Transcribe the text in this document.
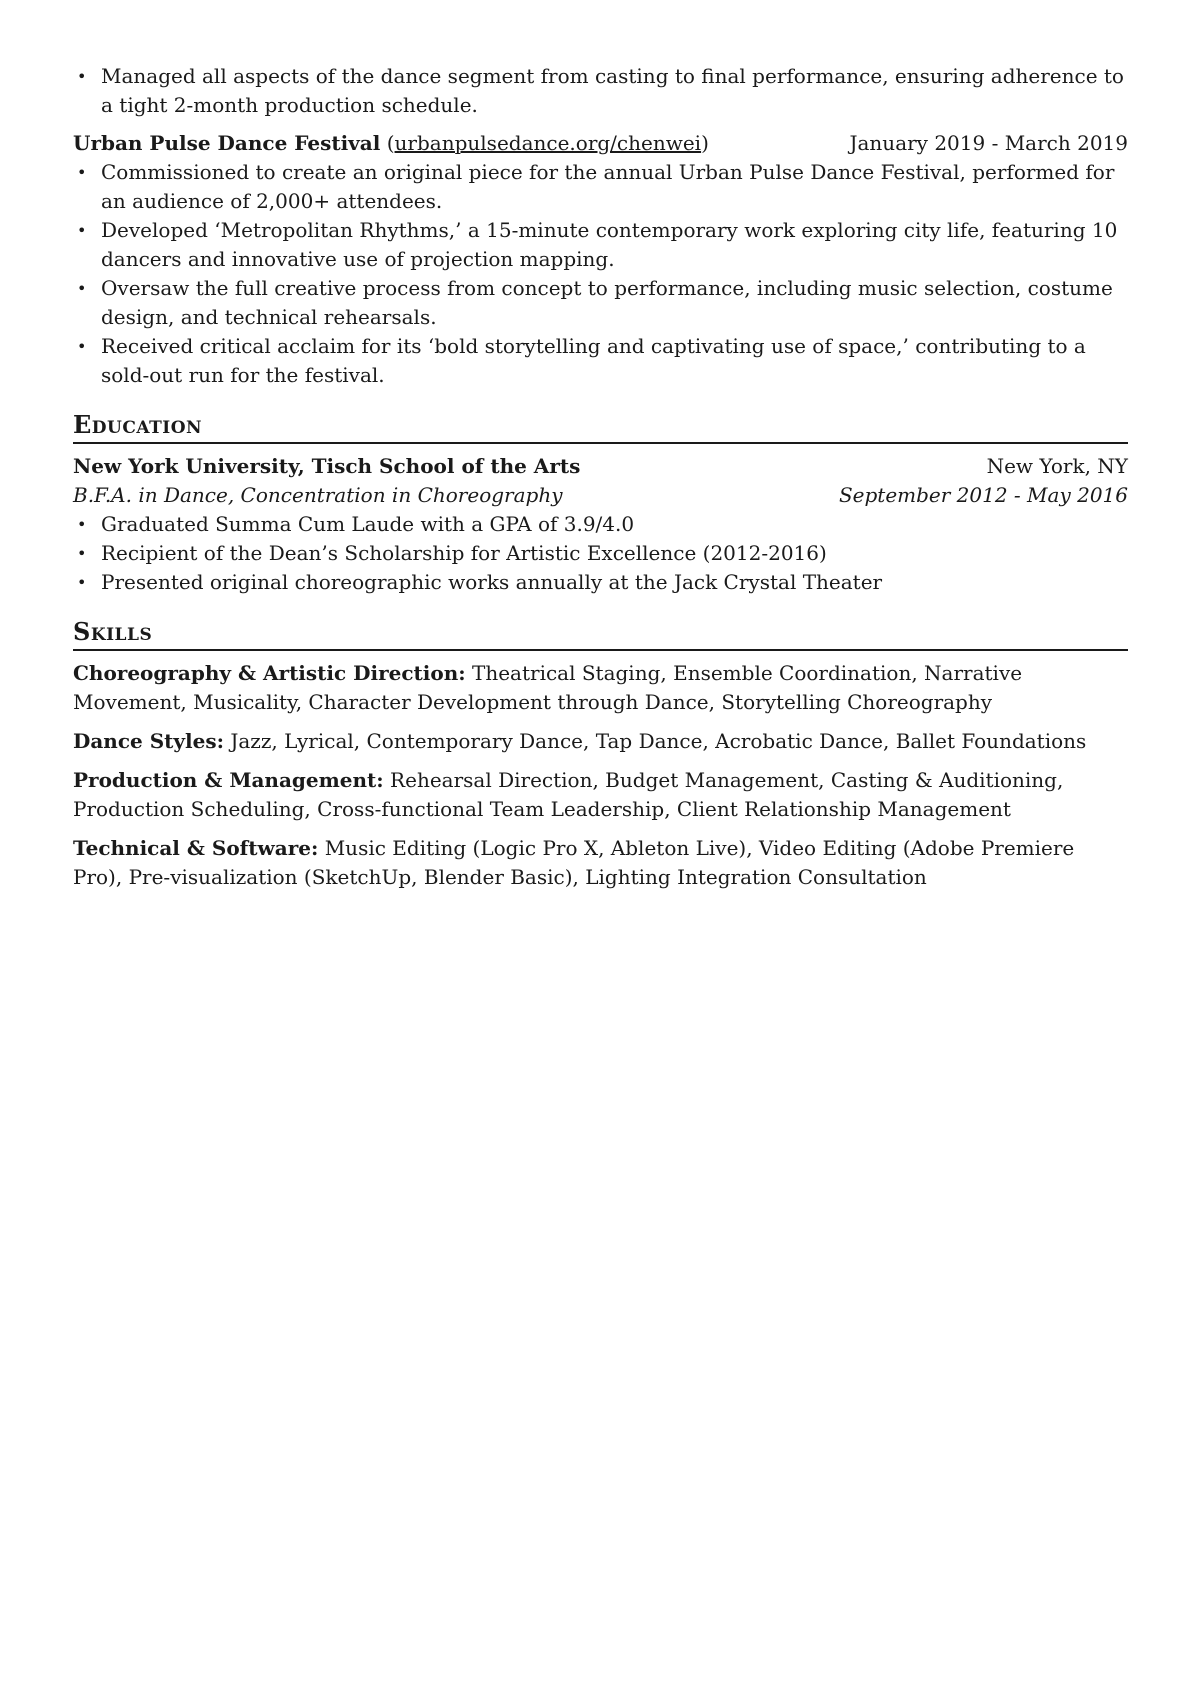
• Managed all aspects of the dance segment from casting to final performance, ensuring adherence to a tight 2-month production schedule.
Urban Pulse Dance Festival (urbanpulsedance.org/chenwei)	January 2019 - March 2019
• Commissioned to create an original piece for the annual Urban Pulse Dance Festival, performed for an audience of 2,000+ attendees.
• Developed ‘Metropolitan Rhythms,’ a 15-minute contemporary work exploring city life, featuring 10 dancers and innovative use of projection mapping.
• Oversaw the full creative process from concept to performance, including music selection, costume design, and technical rehearsals.
• Received critical acclaim for its ‘bold storytelling and captivating use of space,’ contributing to a sold-out run for the festival.
Education
New York University, Tisch School of the Arts	New York, NY
B.F.A. in Dance, Concentration in Choreography	September 2012 - May 2016
• Graduated Summa Cum Laude with a GPA of 3.9/4.0
• Recipient of the Dean’s Scholarship for Artistic Excellence (2012-2016)
• Presented original choreographic works annually at the Jack Crystal Theater
Skills

Choreography & Artistic Direction: Theatrical Staging, Ensemble Coordination, Narrative Movement, Musicality, Character Development through Dance, Storytelling Choreography

Dance Styles: Jazz, Lyrical, Contemporary Dance, Tap Dance, Acrobatic Dance, Ballet Foundations

Production & Management: Rehearsal Direction, Budget Management, Casting & Auditioning, Production Scheduling, Cross-functional Team Leadership, Client Relationship Management

Technical & Software: Music Editing (Logic Pro X, Ableton Live), Video Editing (Adobe Premiere Pro), Pre-visualization (SketchUp, Blender Basic), Lighting Integration Consultation
